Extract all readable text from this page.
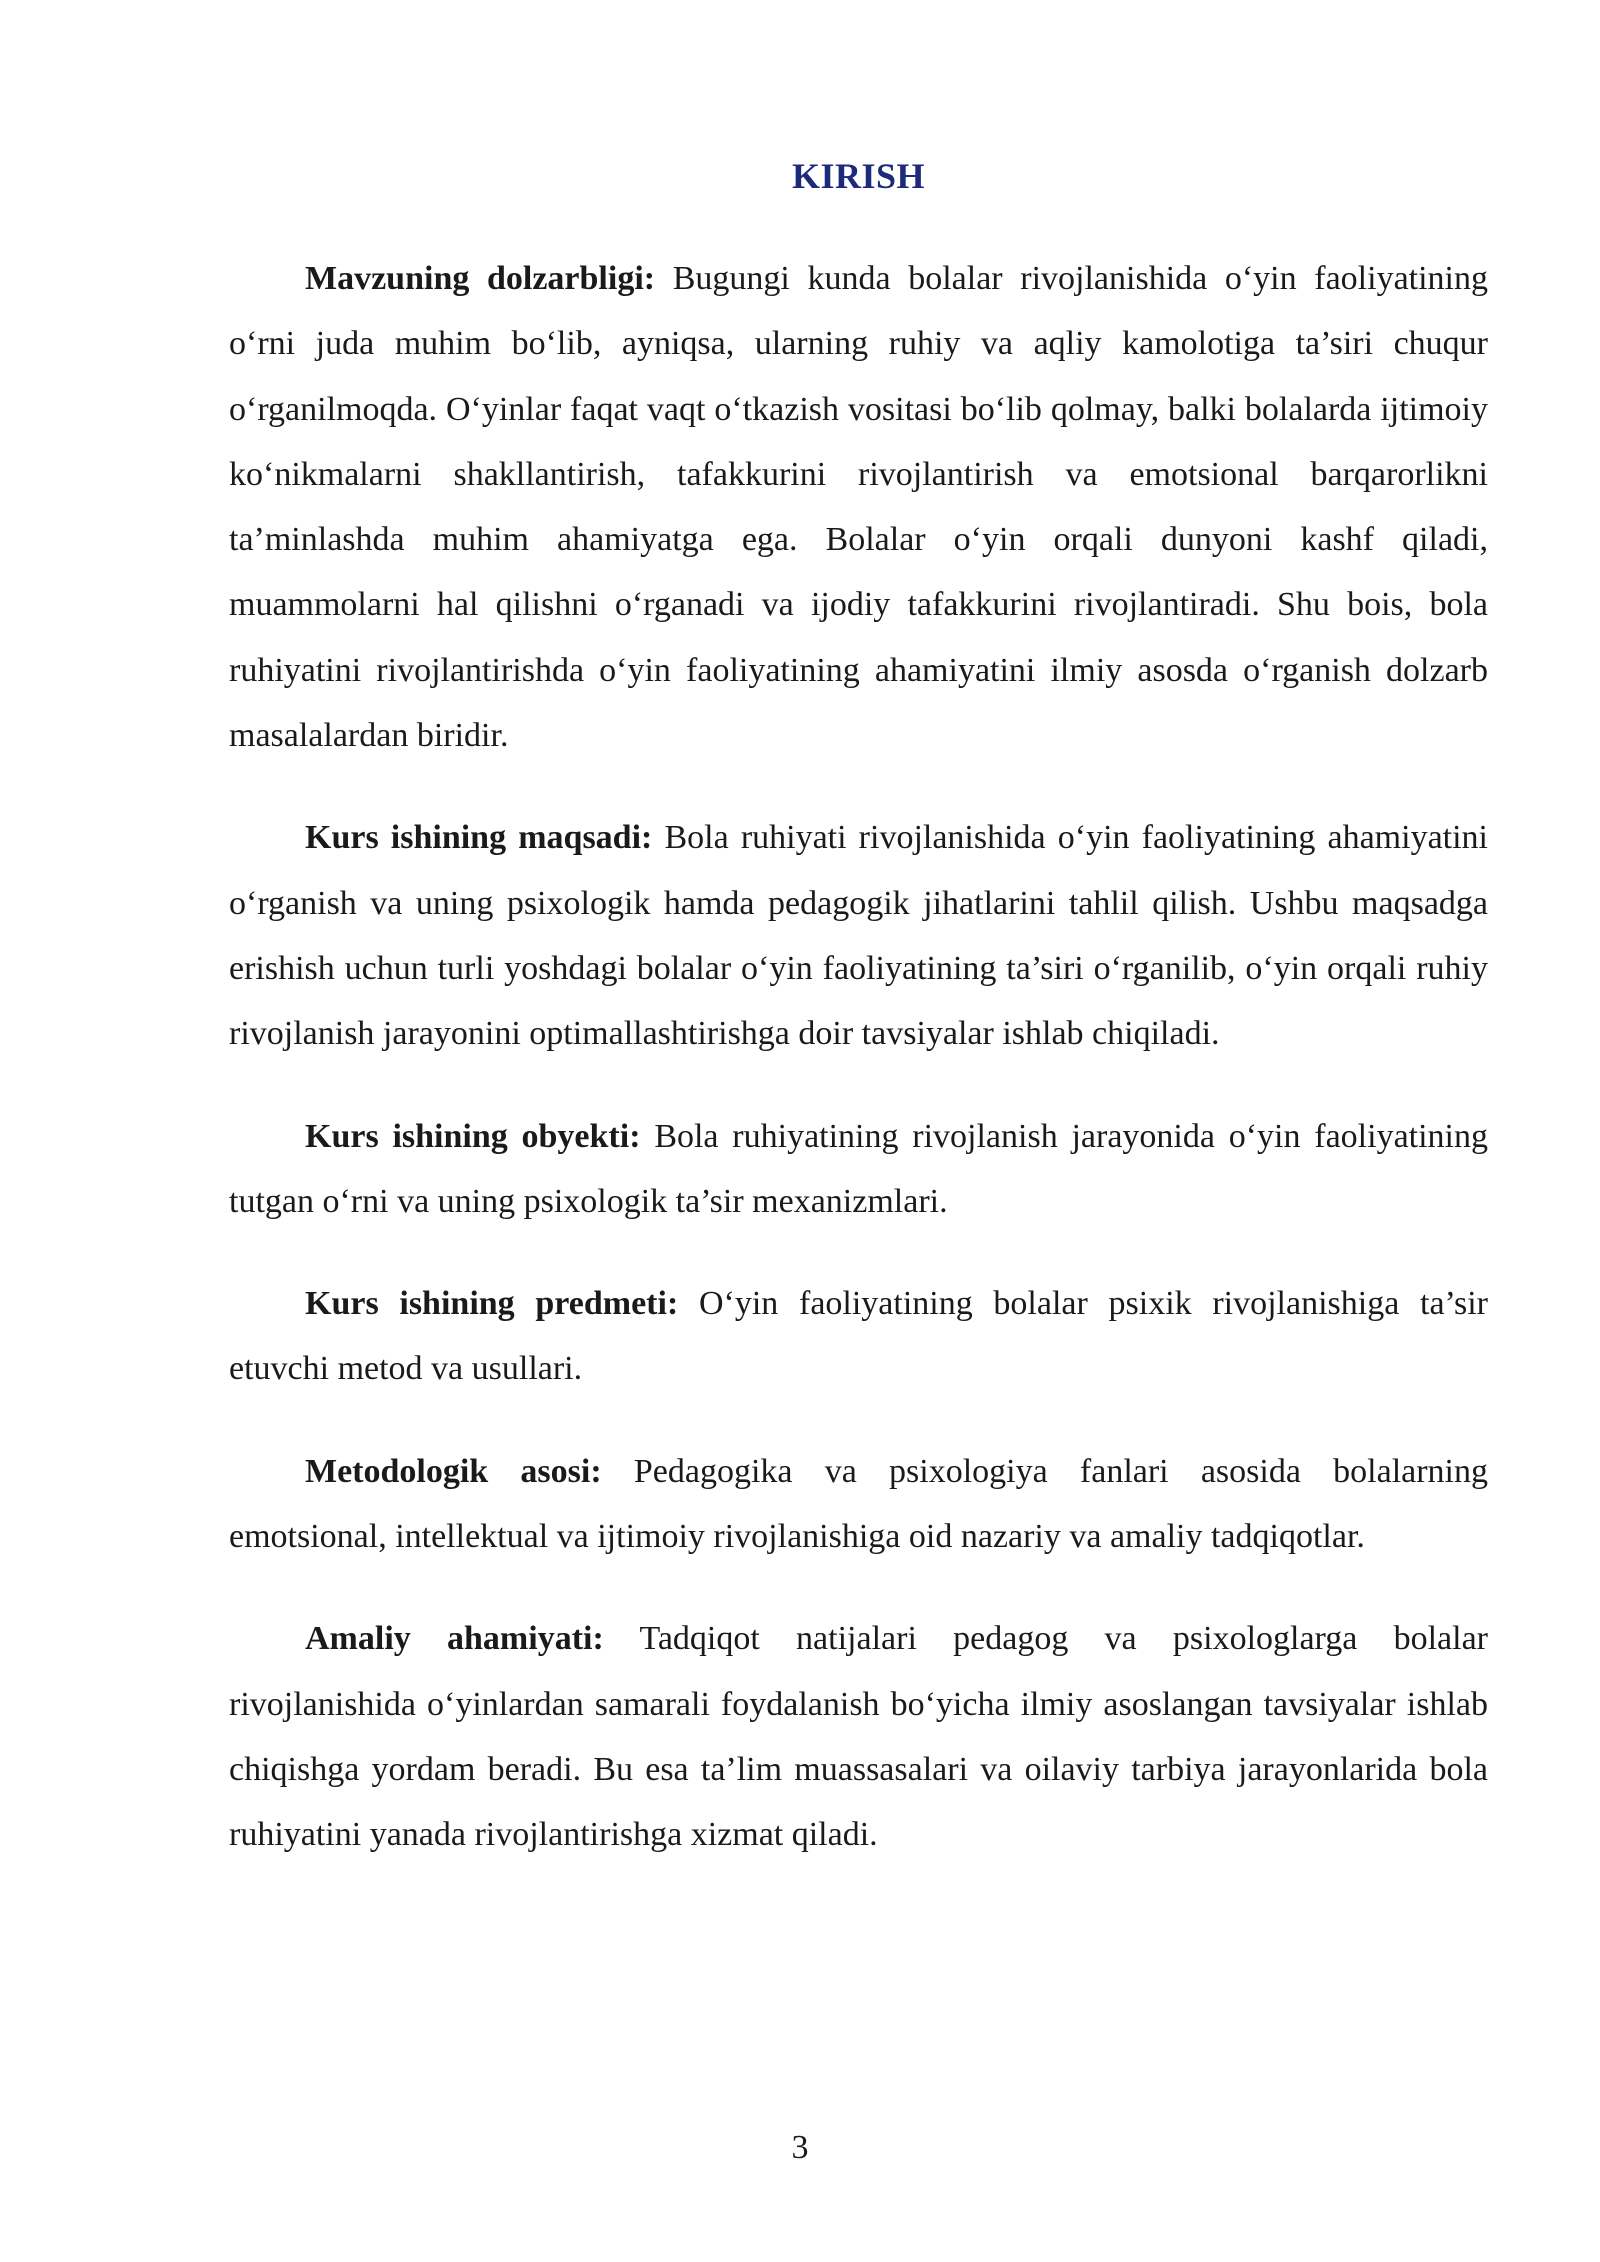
KIRISH

Mavzuning dolzarbligi: Bugungi kunda bolalar rivojlanishida o‘yin faoliyatining o‘rni juda muhim bo‘lib, ayniqsa, ularning ruhiy va aqliy kamolotiga ta’siri chuqur o‘rganilmoqda. O‘yinlar faqat vaqt o‘tkazish vositasi bo‘lib qolmay, balki bolalarda ijtimoiy ko‘nikmalarni shakllantirish, tafakkurini rivojlantirish va emotsional barqarorlikni ta’minlashda muhim ahamiyatga ega. Bolalar o‘yin orqali dunyoni kashf qiladi, muammolarni hal qilishni o‘rganadi va ijodiy tafakkurini rivojlantiradi. Shu bois, bola ruhiyatini rivojlantirishda o‘yin faoliyatining ahamiyatini ilmiy asosda o‘rganish dolzarb masalalardan biridir.

Kurs ishining maqsadi: Bola ruhiyati rivojlanishida o‘yin faoliyatining ahamiyatini o‘rganish va uning psixologik hamda pedagogik jihatlarini tahlil qilish. Ushbu maqsadga erishish uchun turli yoshdagi bolalar o‘yin faoliyatining ta’siri o‘rganilib, o‘yin orqali ruhiy rivojlanish jarayonini optimallashtirishga doir tavsiyalar ishlab chiqiladi.

Kurs ishining obyekti: Bola ruhiyatining rivojlanish jarayonida o‘yin faoliyatining tutgan o‘rni va uning psixologik ta’sir mexanizmlari.

Kurs ishining predmeti: O‘yin faoliyatining bolalar psixik rivojlanishiga ta’sir etuvchi metod va usullari.

Metodologik asosi: Pedagogika va psixologiya fanlari asosida bolalarning emotsional, intellektual va ijtimoiy rivojlanishiga oid nazariy va amaliy tadqiqotlar.

Amaliy ahamiyati: Tadqiqot natijalari pedagog va psixologlarga bolalar rivojlanishida o‘yinlardan samarali foydalanish bo‘yicha ilmiy asoslangan tavsiyalar ishlab chiqishga yordam beradi. Bu esa ta’lim muassasalari va oilaviy tarbiya jarayonlarida bola ruhiyatini yanada rivojlantirishga xizmat qiladi.

3
